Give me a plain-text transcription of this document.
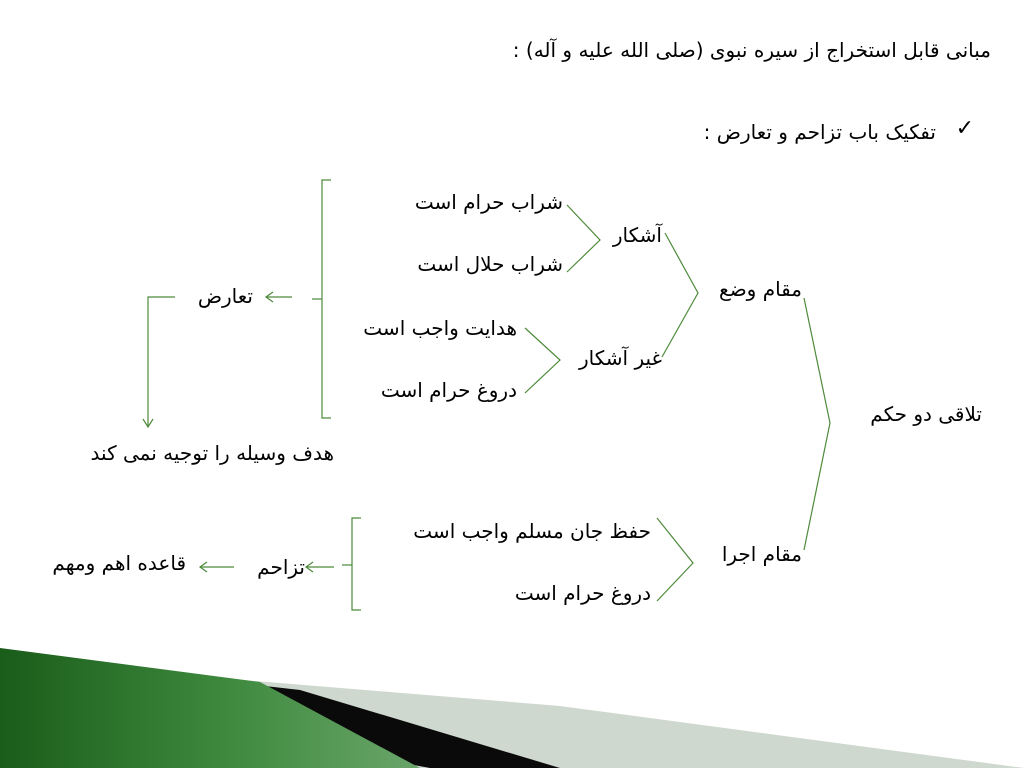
مبانی قابل استخراج از سیره نبوی (صلی الله علیه و آله) :
✓
تفکیک باب تزاحم و تعارض :
تلاقی دو حکم
مقام وضع
مقام اجرا
آشکار
غیر آشکار
شراب حرام است
شراب حلال است
هدایت واجب است
دروغ حرام است
تعارض
هدف وسیله را توجیه نمی کند
حفظ جان مسلم واجب است
دروغ حرام است
تزاحم
قاعده اهم ومهم
